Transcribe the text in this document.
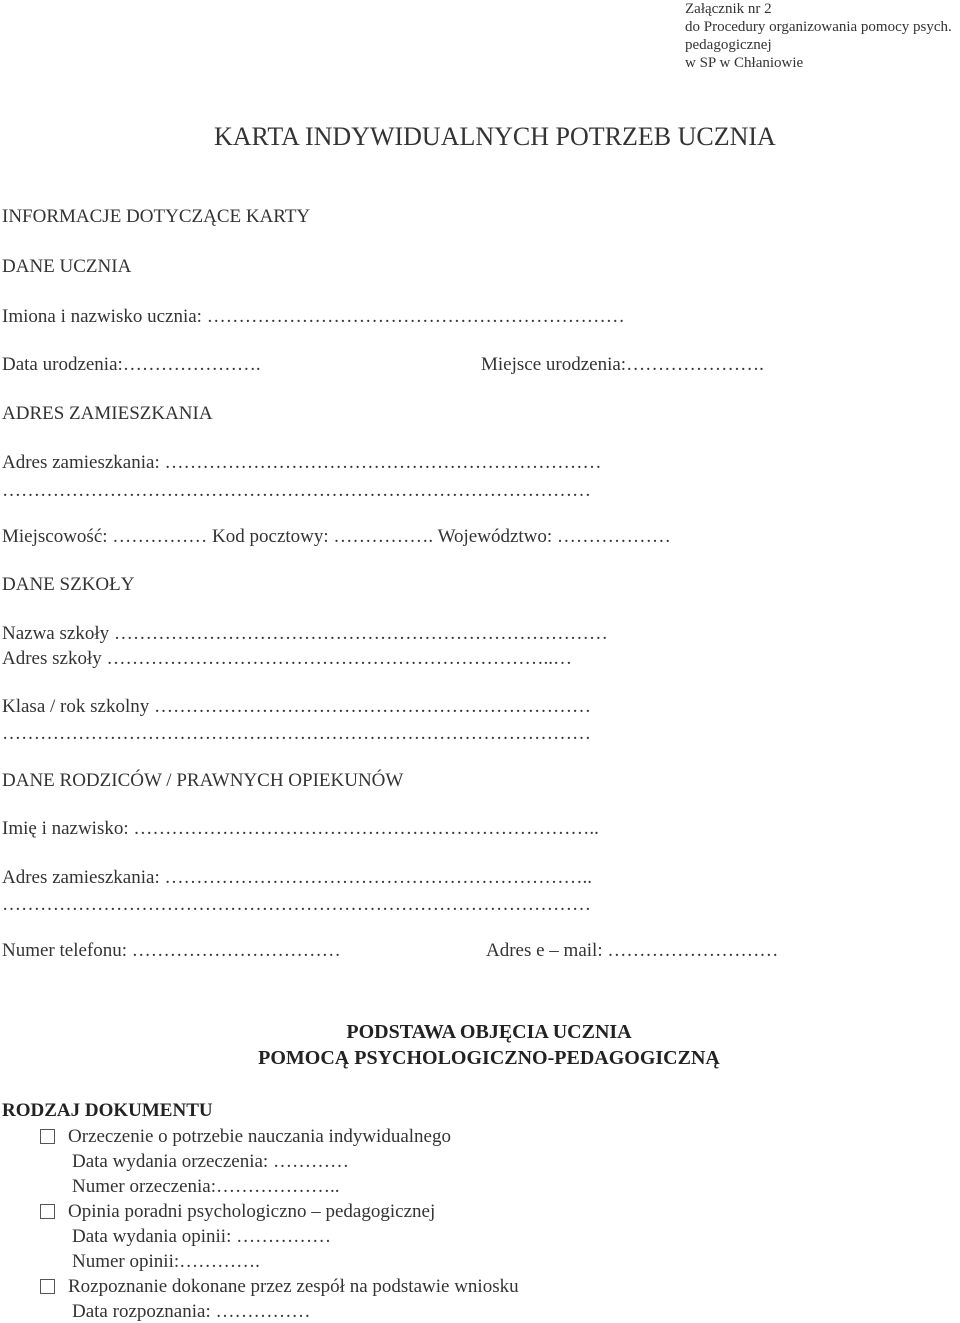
Załącznik nr 2
do Procedury organizowania pomocy psych.
pedagogicznej
w SP w Chłaniowie
KARTA INDYWIDUALNYCH POTRZEB UCZNIA
INFORMACJE DOTYCZĄCE KARTY
DANE UCZNIA
Imiona i nazwisko ucznia: …………………………………………………………
Data urodzenia:………………….	Miejsce urodzenia:………………….
ADRES ZAMIESZKANIA
Adres zamieszkania: ……………………………………………………………
…………………………………………………………………………………
Miejscowość: …………… Kod pocztowy: ……………. Województwo: ………………
DANE SZKOŁY
Nazwa szkoły ……………………………………………………………………
Adres szkoły ……………………………………………………………..…
Klasa / rok szkolny ……………………………………………………………
…………………………………………………………………………………
DANE RODZICÓW / PRAWNYCH OPIEKUNÓW
Imię i nazwisko: ………………………………………………………………..
Adres zamieszkania: …………………………………………………………..
…………………………………………………………………………………
Numer telefonu: ……………………………	Adres e – mail: ………………………
PODSTAWA OBJĘCIA UCZNIA
POMOCĄ PSYCHOLOGICZNO-PEDAGOGICZNĄ
RODZAJ DOKUMENTU
Orzeczenie o potrzebie nauczania indywidualnego
Data wydania orzeczenia: …………
Numer orzeczenia:………………..
Opinia poradni psychologiczno – pedagogicznej
Data wydania opinii: ……………
Numer opinii:………….
Rozpoznanie dokonane przez zespół na podstawie wniosku
Data rozpoznania: ……………
